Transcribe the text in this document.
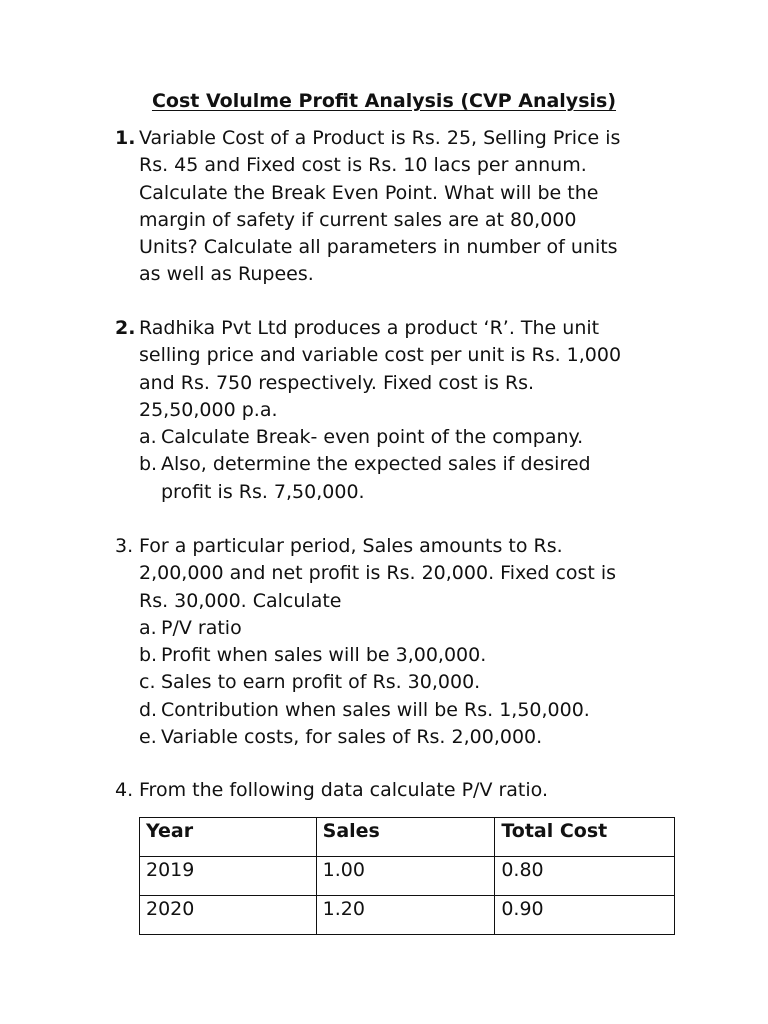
Cost Volulme Profit Analysis (CVP Analysis)
1. Variable Cost of a Product is Rs. 25, Selling Price is
Rs. 45 and Fixed cost is Rs. 10 lacs per annum.
Calculate the Break Even Point. What will be the
margin of safety if current sales are at 80,000
Units? Calculate all parameters in number of units
as well as Rupees.
2. Radhika Pvt Ltd produces a product ‘R’. The unit
selling price and variable cost per unit is Rs. 1,000
and Rs. 750 respectively. Fixed cost is Rs.
25,50,000 p.a.
a. Calculate Break- even point of the company.
b. Also, determine the expected sales if desired
profit is Rs. 7,50,000.
3. For a particular period, Sales amounts to Rs.
2,00,000 and net profit is Rs. 20,000. Fixed cost is
Rs. 30,000. Calculate
a. P/V ratio
b. Profit when sales will be 3,00,000.
c. Sales to earn profit of Rs. 30,000.
d. Contribution when sales will be Rs. 1,50,000.
e. Variable costs, for sales of Rs. 2,00,000.
4. From the following data calculate P/V ratio.
Year	Sales	Total Cost
2019	1.00	0.80
2020	1.20	0.90
